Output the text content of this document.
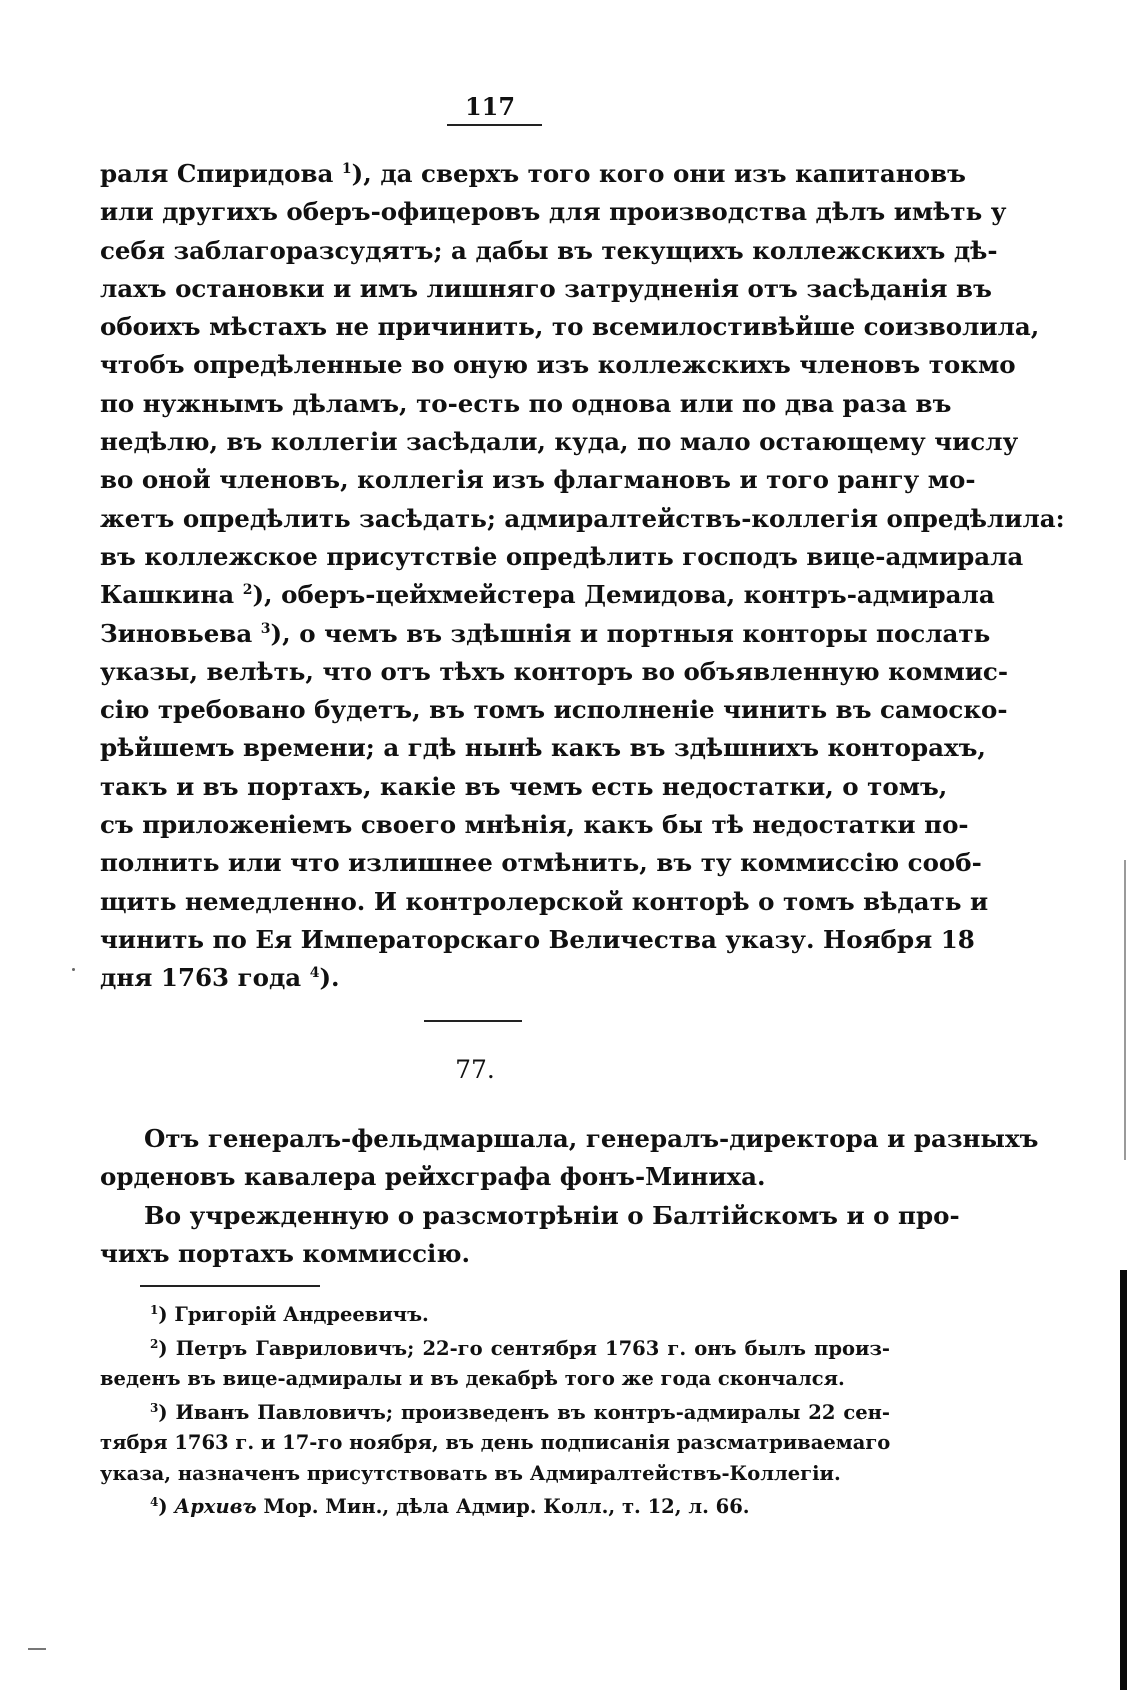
117
раля Спиридова $^1$), да сверхъ того кого они изъ капитановъ
или другихъ оберъ-офицеровъ для производства дѣлъ имѣть у
себя заблагоразсудятъ; а дабы въ текущихъ коллежскихъ дѣ-
лахъ остановки и имъ лишняго затрудненія отъ засѣданія въ
обоихъ мѣстахъ не причинить, то всемилостивѣйше соизволила,
чтобъ опредѣленные во оную изъ коллежскихъ членовъ токмо
по нужнымъ дѣламъ, то-есть по однова или по два раза въ
недѣлю, въ коллегіи засѣдали, куда, по мало остающему числу
во оной членовъ, коллегія изъ флагмановъ и того рангу мо-
жетъ опредѣлить засѣдать; адмиралтействъ-коллегія опредѣлила:
въ коллежское присутствіе опредѣлить господъ вице-адмирала
Кашкина $^2$), оберъ-цейхмейстера Демидова, контръ-адмирала
Зиновьева $^3$), о чемъ въ здѣшнія и портныя конторы послать
указы, велѣть, что отъ тѣхъ конторъ во объявленную коммис-
сію требовано будетъ, въ томъ исполненіе чинить въ самоско-
рѣйшемъ времени; а гдѣ нынѣ какъ въ здѣшнихъ конторахъ,
такъ и въ портахъ, какіе въ чемъ есть недостатки, о томъ,
съ приложеніемъ своего мнѣнія, какъ бы тѣ недостатки по-
полнить или что излишнее отмѣнить, въ ту коммиссію сооб-
щить немедленно. И контролерской конторѣ о томъ вѣдать и
чинить по Ея Императорскаго Величества указу. Ноября 18
дня 1763 года $^4$).
77.
Отъ генералъ-фельдмаршала, генералъ-директора и разныхъ
орденовъ кавалера рейхсграфа фонъ-Миниха.
Во учрежденную о разсмотрѣніи о Балтійскомъ и о про-
чихъ портахъ коммиссію.
$^1$) Григорій Андреевичъ.
$^2$) Петръ Гавриловичъ; 22-го сентября 1763 г. онъ былъ произ-
веденъ въ вице-адмиралы и въ декабрѣ того же года скончался.
$^3$) Иванъ Павловичъ; произведенъ въ контръ-адмиралы 22 сен-
тября 1763 г. и 17-го ноября, въ день подписанія разсматриваемаго
указа, назначенъ присутствовать въ Адмиралтействъ-Коллегіи.
$^4$) Архивъ Мор. Мин., дѣла Адмир. Колл., т. 12, л. 66.
